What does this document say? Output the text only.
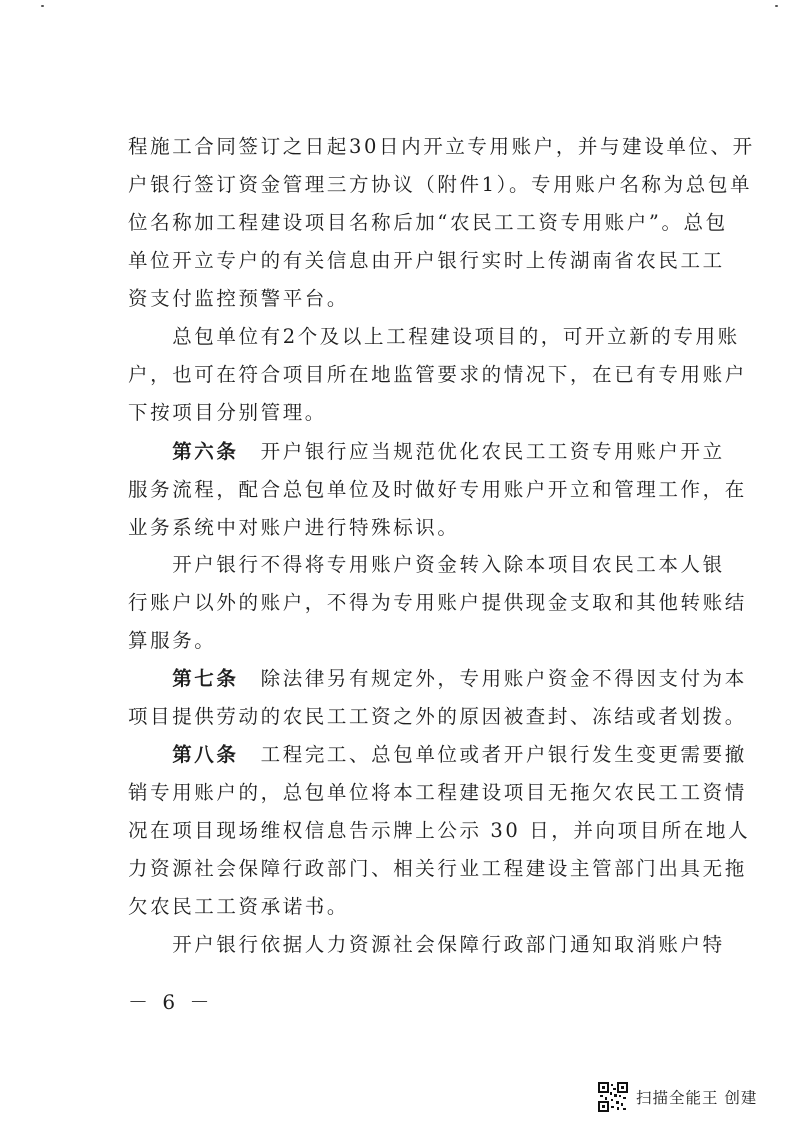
程施工合同签订之日起30日内开立专用账户，并与建设单位、开
户银行签订资金管理三方协议（附件1）。专用账户名称为总包单
位名称加工程建设项目名称后加“农民工工资专用账户”。总包
单位开立专户的有关信息由开户银行实时上传湖南省农民工工
资支付监控预警平台。
　　总包单位有2个及以上工程建设项目的，可开立新的专用账
户，也可在符合项目所在地监管要求的情况下，在已有专用账户
下按项目分别管理。
　　第六条　开户银行应当规范优化农民工工资专用账户开立
服务流程，配合总包单位及时做好专用账户开立和管理工作，在
业务系统中对账户进行特殊标识。
　　开户银行不得将专用账户资金转入除本项目农民工本人银
行账户以外的账户，不得为专用账户提供现金支取和其他转账结
算服务。
　　第七条　除法律另有规定外，专用账户资金不得因支付为本
项目提供劳动的农民工工资之外的原因被查封、冻结或者划拨。
　　第八条　工程完工、总包单位或者开户银行发生变更需要撤
销专用账户的，总包单位将本工程建设项目无拖欠农民工工资情
况在项目现场维权信息告示牌上公示 30 日，并向项目所在地人
力资源社会保障行政部门、相关行业工程建设主管部门出具无拖
欠农民工工资承诺书。
　　开户银行依据人力资源社会保障行政部门通知取消账户特
－ 6 －
扫描全能王 创建
